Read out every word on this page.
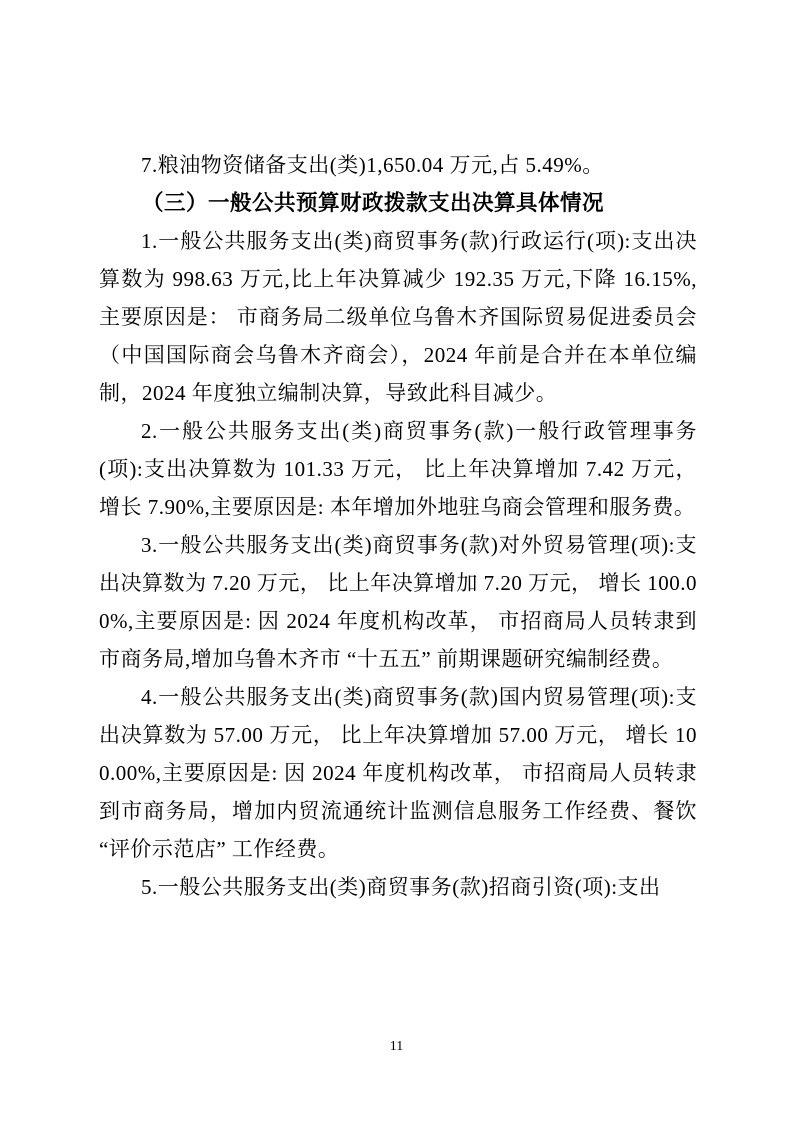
7.粮油物资储备支出(类)1,650.04 万元,占 5.49%。

（三）一般公共预算财政拨款支出决算具体情况

1.一般公共服务支出(类)商贸事务(款)行政运行(项):支出决算数为 998.63 万元,比上年决算减少 192.35 万元,下降 16.15%,主要原因是： 市商务局二级单位乌鲁木齐国际贸易促进委员会（中国国际商会乌鲁木齐商会），2024 年前是合并在本单位编制，2024 年度独立编制决算，导致此科目减少。

2.一般公共服务支出(类)商贸事务(款)一般行政管理事务(项):支出决算数为 101.33 万元， 比上年决算增加 7.42 万元，增长 7.90%,主要原因是: 本年增加外地驻乌商会管理和服务费。

3.一般公共服务支出(类)商贸事务(款)对外贸易管理(项):支出决算数为 7.20 万元， 比上年决算增加 7.20 万元， 增长 100.00%,主要原因是: 因 2024 年度机构改革， 市招商局人员转隶到市商务局,增加乌鲁木齐市 “十五五” 前期课题研究编制经费。

4.一般公共服务支出(类)商贸事务(款)国内贸易管理(项):支出决算数为 57.00 万元， 比上年决算增加 57.00 万元， 增长 100.00%,主要原因是: 因 2024 年度机构改革， 市招商局人员转隶到市商务局，增加内贸流通统计监测信息服务工作经费、餐饮 “评价示范店” 工作经费。

5.一般公共服务支出(类)商贸事务(款)招商引资(项):支出

11
